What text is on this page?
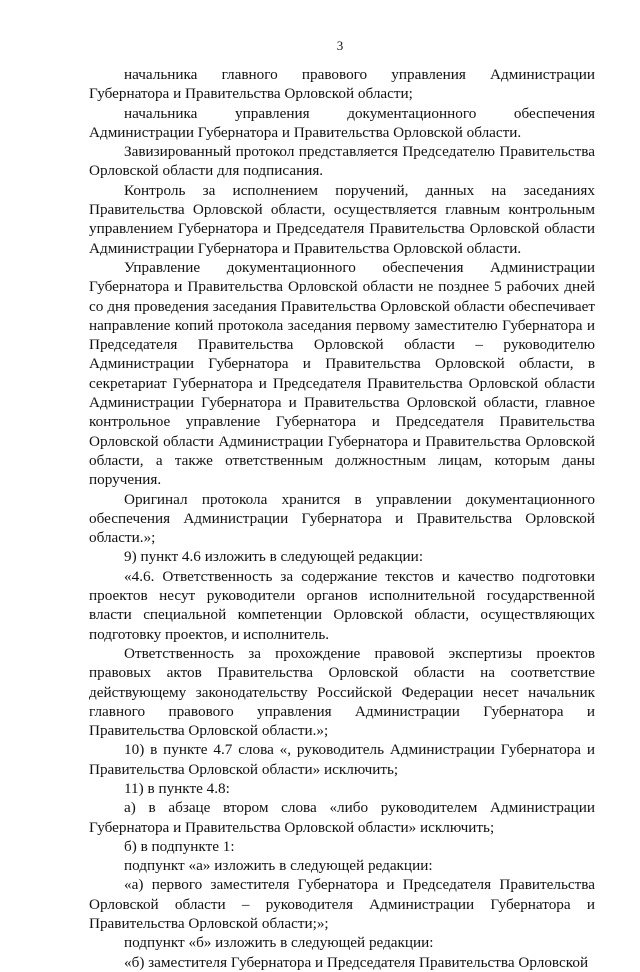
3

начальника главного правового управления Администрации Губернатора и Правительства Орловской области;

начальника управления документационного обеспечения Администрации Губернатора и Правительства Орловской области.

Завизированный протокол представляется Председателю Правительства Орловской области для подписания.

Контроль за исполнением поручений, данных на заседаниях Правительства Орловской области, осуществляется главным контрольным управлением Губернатора и Председателя Правительства Орловской области Администрации Губернатора и Правительства Орловской области.

Управление документационного обеспечения Администрации Губернатора и Правительства Орловской области не позднее 5 рабочих дней со дня проведения заседания Правительства Орловской области обеспечивает направление копий протокола заседания первому заместителю Губернатора и Председателя Правительства Орловской области – руководителю Администрации Губернатора и Правительства Орловской области, в секретариат Губернатора и Председателя Правительства Орловской области Администрации Губернатора и Правительства Орловской области, главное контрольное управление Губернатора и Председателя Правительства Орловской области Администрации Губернатора и Правительства Орловской области, а также ответственным должностным лицам, которым даны поручения.

Оригинал протокола хранится в управлении документационного обеспечения Администрации Губернатора и Правительства Орловской области.»;

9) пункт 4.6 изложить в следующей редакции:

«4.6. Ответственность за содержание текстов и качество подготовки проектов несут руководители органов исполнительной государственной власти специальной компетенции Орловской области, осуществляющих подготовку проектов, и исполнитель.

Ответственность за прохождение правовой экспертизы проектов правовых актов Правительства Орловской области на соответствие действующему законодательству Российской Федерации несет начальник главного правового управления Администрации Губернатора и Правительства Орловской области.»;

10) в пункте 4.7 слова «, руководитель Администрации Губернатора и Правительства Орловской области» исключить;

11) в пункте 4.8:

а) в абзаце втором слова «либо руководителем Администрации Губернатора и Правительства Орловской области» исключить;

б) в подпункте 1:

подпункт «а» изложить в следующей редакции:

«а) первого заместителя Губернатора и Председателя Правительства Орловской области – руководителя Администрации Губернатора и Правительства Орловской области;»;

подпункт «б» изложить в следующей редакции:

«б) заместителя Губернатора и Председателя Правительства Орловской
